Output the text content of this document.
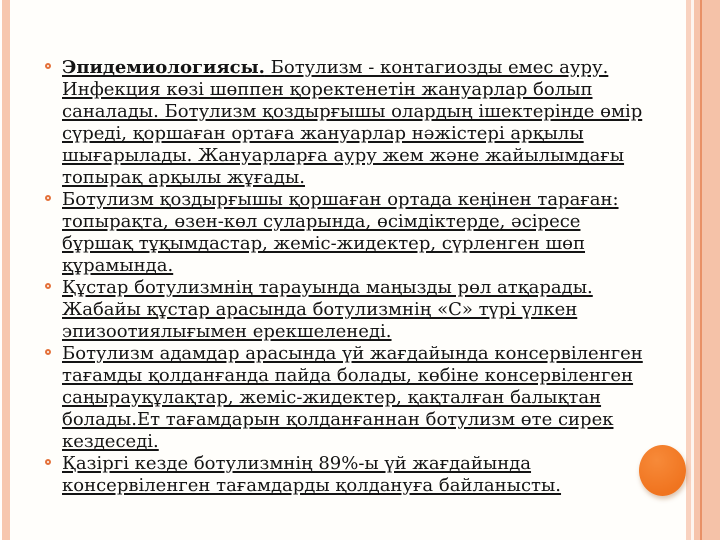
Эпидемиологиясы. Ботулизм - контагиозды емес ауру. Инфекция көзі шөппен қоректенетін жануарлар болып саналады. Ботулизм қоздырғышы олардың ішектерінде өмір сүреді, қоршаған ортаға жануарлар нәжістері арқылы шығарылады. Жануарларға ауру жем және жайылымдағы топырақ арқылы жұғады.
Ботулизм қоздырғышы қоршаған ортада кеңінен тараған: топырақта, өзен-көл суларында, өсімдіктерде, әсіресе бұршақ тұқымдастар, жеміс-жидектер, сүрленген шөп құрамында.
Құстар ботулизмнің тарауында маңызды рөл атқарады. Жабайы құстар арасында ботулизмнің «С» түрі үлкен эпизоотиялығымен ерекшеленеді.
Ботулизм адамдар арасында үй жағдайында консервіленген тағамды қолданғанда пайда болады, көбіне консервіленген саңырауқұлақтар, жеміс-жидектер, қақталған балықтан болады.Ет тағамдарын қолданғаннан ботулизм өте сирек кездеседі.
Қазіргі кезде ботулизмнің 89%-ы үй жағдайында консервіленген тағамдарды қолдануға байланысты.
